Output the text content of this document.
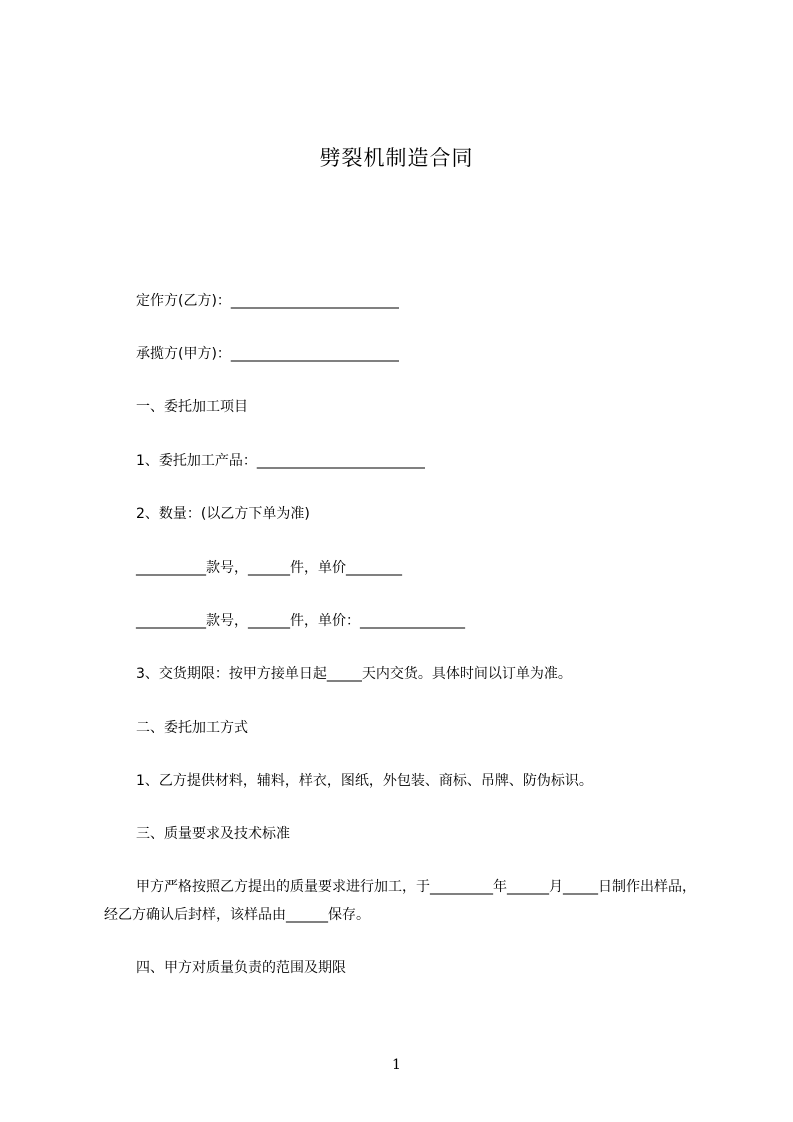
劈裂机制造合同
定作方(乙方)：________________________
承揽方(甲方)：________________________
一、委托加工项目
1、委托加工产品：________________________
2、数量：(以乙方下单为准)
__________款号，______件，单价________
__________款号，______件，单价：_______________
3、交货期限：按甲方接单日起_____天内交货。具体时间以订单为准。
二、委托加工方式
1、乙方提供材料，辅料，样衣，图纸，外包装、商标、吊牌、防伪标识。
三、质量要求及技术标准
甲方严格按照乙方提出的质量要求进行加工，于_________年______月_____日制作出样品，经乙方确认后封样，该样品由______保存。
四、甲方对质量负责的范围及期限
1
